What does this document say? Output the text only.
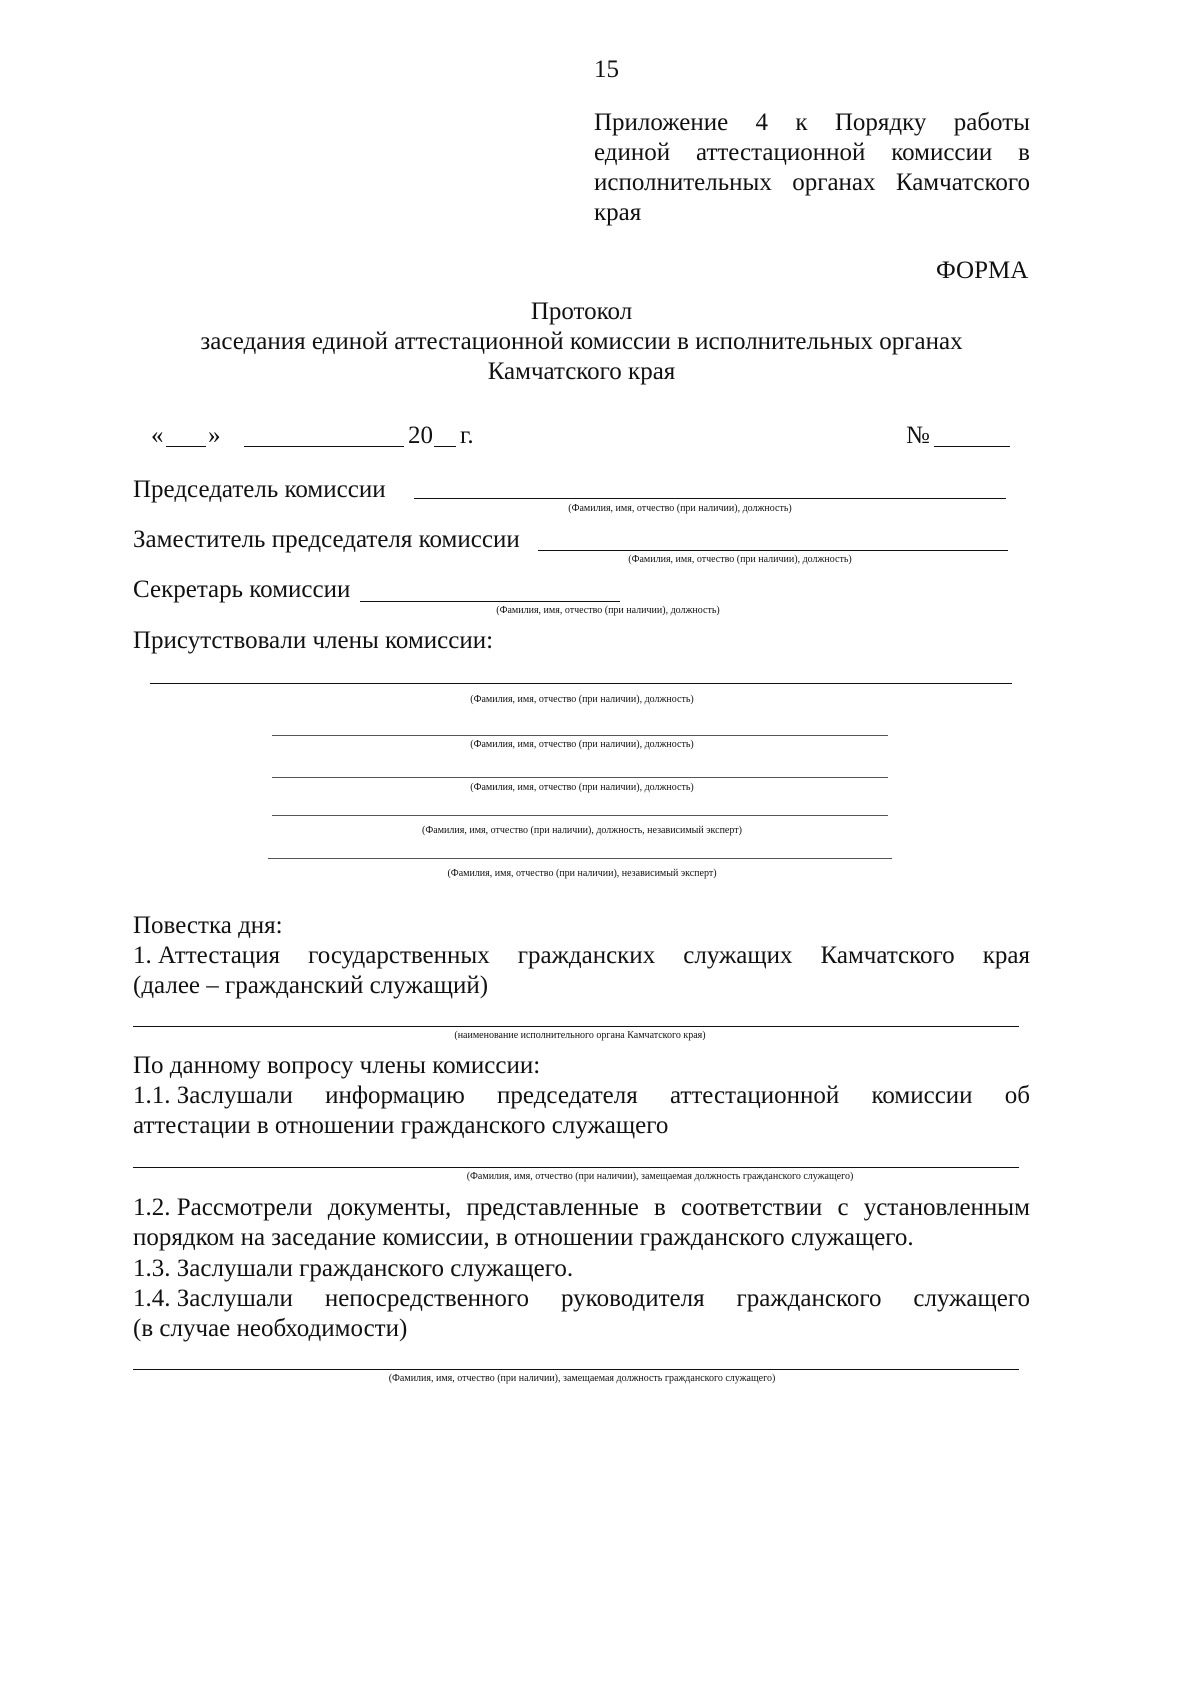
15
Приложение 4 к Порядку работы
единой аттестационной комиссии в
исполнительных органах Камчатского
края
ФОРМА
Протокол
заседания единой аттестационной комиссии в исполнительных органах
Камчатского края
« »	20 г.	№
Председатель комиссии
(Фамилия, имя, отчество (при наличии), должность)
Заместитель председателя комиссии
(Фамилия, имя, отчество (при наличии), должность)
Секретарь комиссии
(Фамилия, имя, отчество (при наличии), должность)
Присутствовали члены комиссии:
(Фамилия, имя, отчество (при наличии), должность)
(Фамилия, имя, отчество (при наличии), должность)
(Фамилия, имя, отчество (при наличии), должность)
(Фамилия, имя, отчество (при наличии), должность, независимый эксперт)
(Фамилия, имя, отчество (при наличии), независимый эксперт)
Повестка дня:
1. Аттестация государственных гражданских служащих Камчатского края
(далее – гражданский служащий)
(наименование исполнительного органа Камчатского края)
По данному вопросу члены комиссии:
1.1. Заслушали информацию председателя аттестационной комиссии об
аттестации в отношении гражданского служащего
(Фамилия, имя, отчество (при наличии), замещаемая должность гражданского служащего)
1.2. Рассмотрели документы, представленные в соответствии с установленным
порядком на заседание комиссии, в отношении гражданского служащего.
1.3. Заслушали гражданского служащего.
1.4. Заслушали непосредственного руководителя гражданского служащего
(в случае необходимости)
(Фамилия, имя, отчество (при наличии), замещаемая должность гражданского служащего)
